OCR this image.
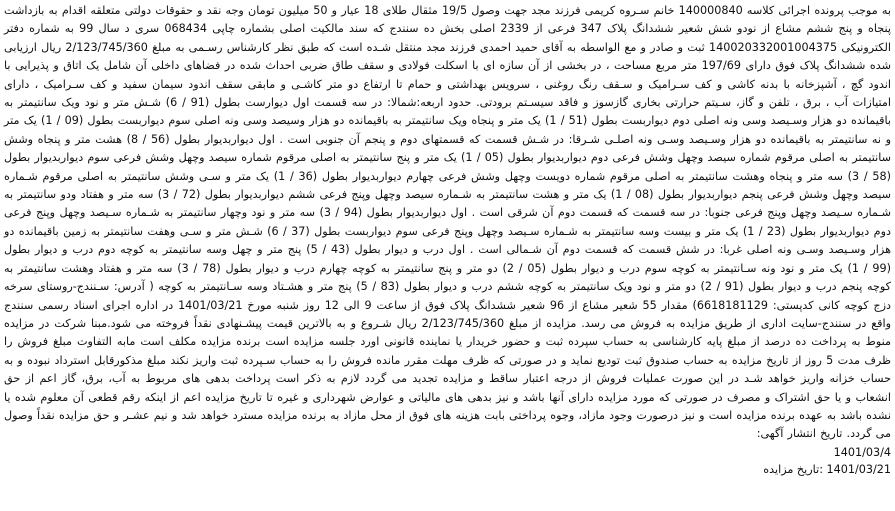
به موجب پرونده اجرائی کلاسه 140000840 خانم سـروه کریمی فرزند مجد جهت وصول 19/5 مثقال طلای 18 عیار و 50 میلیون تومان وجه نقد و حقوقات دولتی متعلقه اقدام به بازداشت پنجاه و پنج ششم مشاع از نودو شش شعیر ششدانگ پلاک 347 فرعی از 2339 اصلی بخش ده سنندج که سند مالکیت اصلی بشماره چاپی 068434 سری د سال 99 به شماره دفتر الکترونیکی 140020332001004375 ثبت و صادر و مع الواسطه به آقای حمید احمدی فرزند مجد منتقل شـده است که طبق نظر کارشناس رسـمی به مبلغ 2/123/745/360 ریال ارزیابی شده ششدانگ پلاک فوق دارای 197/69 متر مربع مساحت ، در بخشی از آن سازه ای با اسکلت فولادی و سقف طاق ضربی احداث شده در فضاهای داخلی آن شامل یک اتاق و پذیرایی با اندود گچ ، آشپزخانه با بدنه کاشی و کف سـرامیک و سـقف رنگ روغنی ، سرویس بهداشتی و حمام تا ارتفاع دو متر کاشـی و مابقی سقف اندود سیمان سفید و کف سـرامیک ، دارای امتیازات آب ، برق ، تلفن و گاز، سـیتم حرارتی بخاری گازسوز و فاقد سیسـتم برودتی. حدود اربعه:شمالا: در سه قسمت اول دیوارست بطول (91 / 6) شـش متر و نود ویک سانتیمتر به باقیمانده دو هزار وسـیصد وسی ونه اصلی دوم دیواربست بطول (51 / 1) یک متر و پنجاه ویک سانتیمتر به باقیمانده دو هزار وسیصد وسی ونه اصلی سوم دیواربست بطول (09 / 1) یک متر و نه سانتیمتر به باقیمانده دو هزار وسـیصد وسـی ونه اصلـی شـرقا: در شـش قسمت که قسمتهای دوم و پنجم آن جنوبی است . اول دیواربدیوار بطول (56 / 8) هشت متر و پنجاه وشش سانتیمتر به اصلی مرقوم شماره سیصد وچهل وشش فرعی دوم دیواربدیوار بطول (05 / 1) یک متر و پنج سانتیمتر به اصلی مرقوم شماره سیصد وچهل وشش فرعی سوم دیواربدیوار بطول (58 / 3) سه متر و پنجاه وهشت سانتیمتر به اصلی مرقوم شماره دویست وچهل وشش فرعی چهارم دیواربدیوار بطول (36 / 1) یک متر و سـی وشش سانتیمتر به اصلی مرقوم شـماره سیصد وچهل وشش فرعی پنجم دیواربدیوار بطول (08 / 1) یک متر و هشت سانتیمتر به شـماره سیصد وچهل وپنج فرعی ششم دیواربدیوار بطول (72 / 3) سه متر و هفتاد ودو سانتیمتر به شـماره سـیصد وچهل وپنج فرعی جنوبا: در سه قسمت که قسمت دوم آن شرقی است . اول دیواربدیوار بطول (94 / 3) سه متر و نود وچهار سانتیمتر به شـماره سـیصد وچهل وپنج فرعی دوم دیواربدیوار بطول (23 / 1) یک متر و بیست وسه سانتیمتر به شـماره سـیصد وچهل وپنج فرعی سوم دیواربست بطول (37 / 6) شـش متر و سـی وهفت سانتیمتر به زمین باقیمانده دو هزار وسـیصد وسـی ونه اصلی غربا: در شش قسمت که قسمت دوم آن شـمالی است . اول درب و دیوار بطول (43 / 5) پنج متر و چهل وسه سانتیمتر به کوچه دوم درب و دیوار بطول (99 / 1) یک متر و نود ونه سـانتیمتر به کوچه سوم درب و دیوار بطول (05 / 2) دو متر و پنج سانتیمتر به کوچه چهارم درب و دیوار بطول (78 / 3) سه متر و هفتاد وهشت سانتیمتر به کوچه پنجم درب و دیوار بطول (91 / 2) دو متر و نود ویک سانتیمتر به کوچه ششم درب و دیوار بطول (83 / 5) پنج متر و هشـتاد وسه سـانتیمتر به کوچه ( آدرس: سـنندج-روستای سرخه دزج کوچه کانی کدپستی: 6618181129) مقدار 55 شعیر مشاع از 96 شعیر ششدانگ پلاک فوق از ساعت 9 الی 12 روز شنبه مورخ 1401/03/21 در اداره اجرای اسناد رسمی سنندج واقع در سنندج-سایت اداری از طریق مزایده به فروش می رسد. مزایده از مبلغ 2/123/745/360 ریال شـروع و به بالاترین قیمت پیشـنهادی نقداً فروخته می شود.مبنا شرکت در مزایده منوط به پرداخت ده درصد از مبلغ پایه کارشناسی به حساب سپرده ثبت و حضور خریدار یا نماینده قانونی اورد جلسه مزایده است برنده مزایده مکلف است مابه التفاوت مبلغ فروش را ظرف مدت 5 روز از تاریخ مزایده به حساب صندوق ثبت تودیع نماید و در صورتی که ظرف مهلت مقرر مانده فروش را به حساب سـپرده ثبت واریز نکند مبلغ مذکورقابل استرداد نبوده و به حساب خزانه واریز خواهد شـد در این صورت عملیات فروش از درجه اعتبار ساقط و مزایده تجدید می گردد لازم به ذکر است پرداخت بدهی های مربوط به آب، برق، گاز اعم از حق انشعاب و یا حق اشتراک و مصرف در صورتی که مورد مزایده دارای آنها باشد و نیز بدهی های مالیاتی و عوارض شهرداری و غیره تا تاریخ مزایده اعم از اینکه رقم قطعی آن معلوم شده یا نشده باشد به عهده برنده مزایده است و نیز درصورت وجود مازاد، وجوه پرداختی بابت هزینه های فوق از محل مازاد به برنده مزایده مسترد خواهد شد و نیم عشـر و حق مزایده نقداً وصول می گردد. تاریخ انتشار آگهی:

1401/03/4

1401/03/21 :تاریخ مزایده
